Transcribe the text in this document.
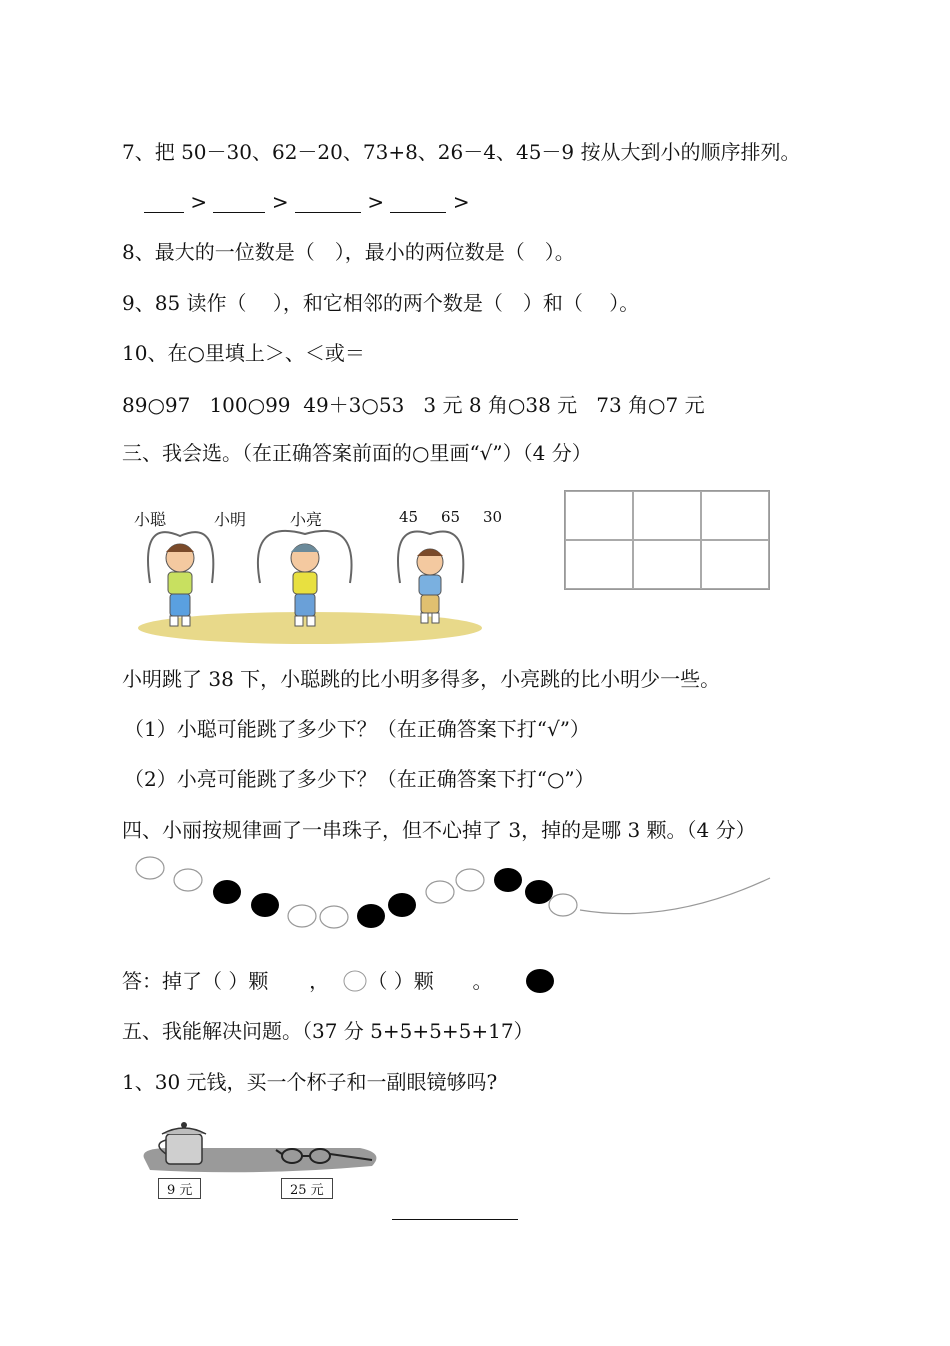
7、把 50－30、62－20、73+8、26－4、45－9 按从大到小的顺序排列。
>	>	>	>
8、最大的一位数是（　），最小的两位数是（　）。
9、85 读作（　 ），和它相邻的两个数是（　）和（　 ）。
10、在○里填上＞、＜或＝
89○97 100○99 49＋3○53 3 元 8 角○38 元 73 角○7 元
三、我会选。（在正确答案前面的○里画“√”）（4 分）
小聪	小明	小亮	45 65 30
小明跳了 38 下，小聪跳的比小明多得多，小亮跳的比小明少一些。
（1）小聪可能跳了多少下？（在正确答案下打“√”）
（2）小亮可能跳了多少下？（在正确答案下打“○”）
四、小丽按规律画了一串珠子，但不心掉了 3，掉的是哪 3 颗。（4 分）
答：掉了（ ）颗 ， （ ）颗 。
五、我能解决问题。（37 分 5+5+5+5+17）
1、30 元钱，买一个杯子和一副眼镜够吗?
9 元	25 元
